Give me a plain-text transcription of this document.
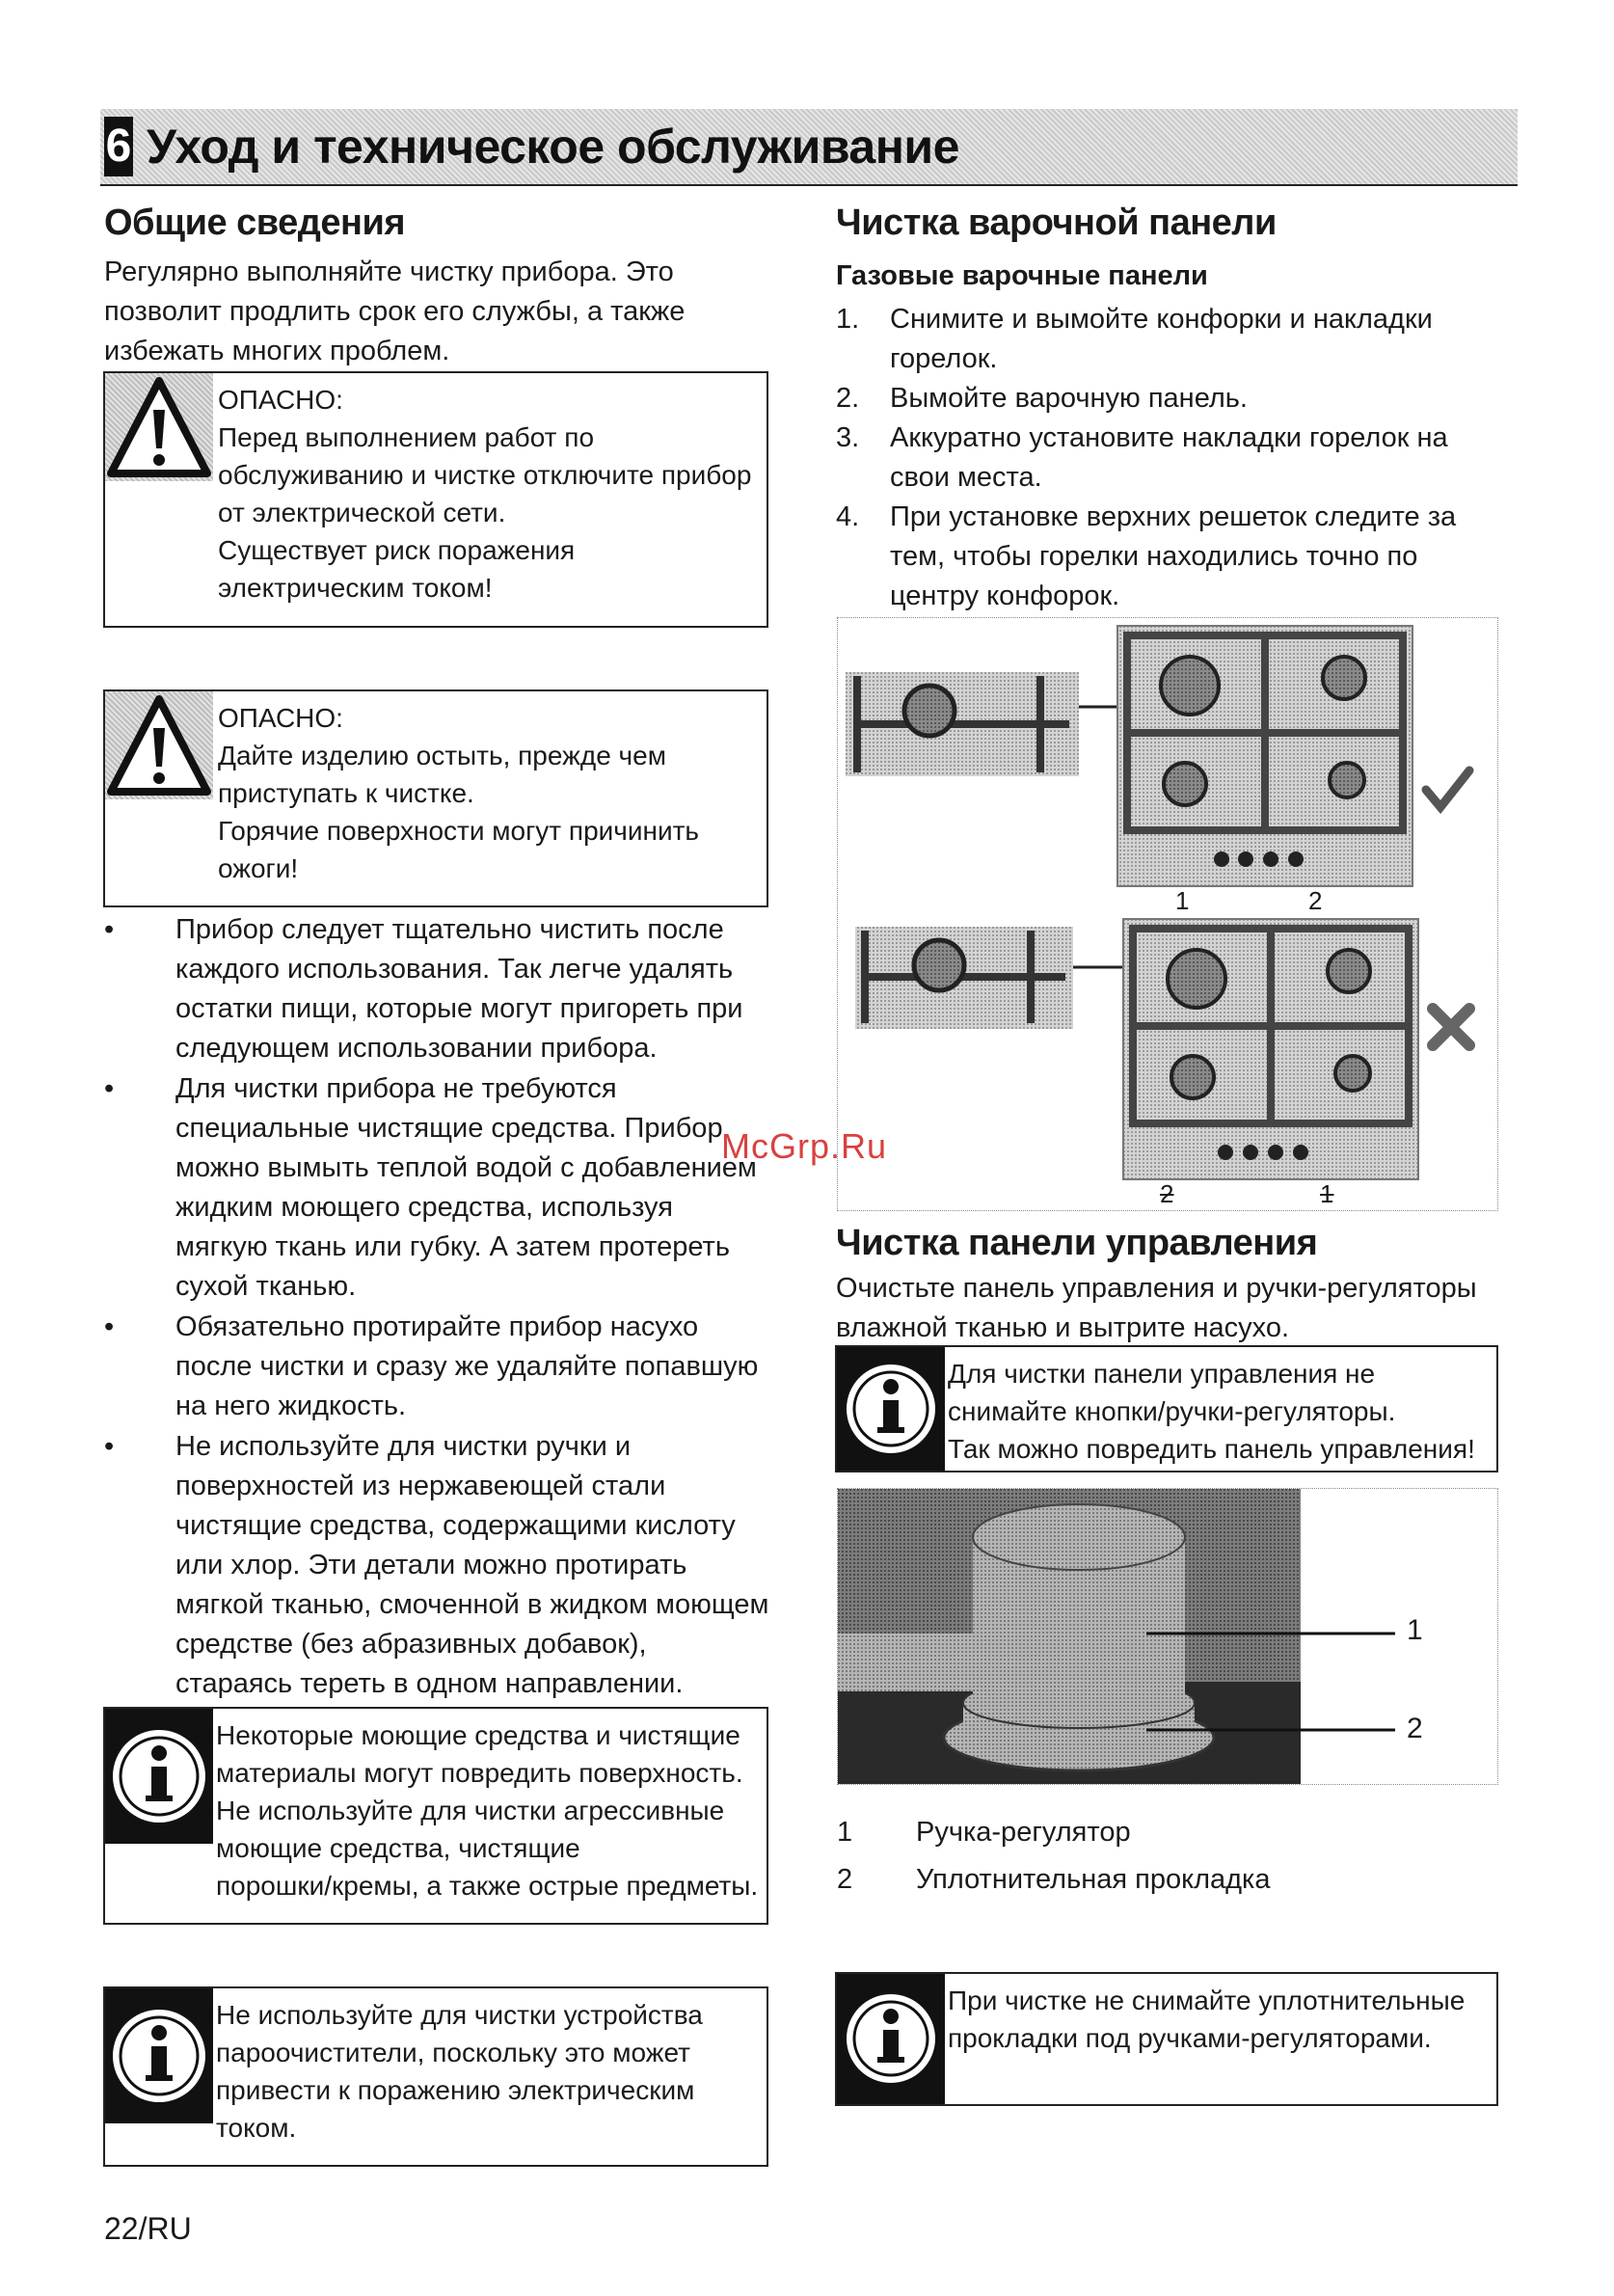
6 Уход и техническое обслуживание
Общие сведения
Регулярно выполняйте чистку прибора. Это
позволит продлить срок его службы, а также
избежать многих проблем.
ОПАСНО:
Перед выполнением работ по
обслуживанию и чистке отключите прибор
от электрической сети.
Существует риск поражения
электрическим током!
ОПАСНО:
Дайте изделию остыть, прежде чем
приступать к чистке.
Горячие поверхности могут причинить
ожоги!
• Прибор следует тщательно чистить после
каждого использования. Так легче удалять
остатки пищи, которые могут пригореть при
следующем использовании прибора.
• Для чистки прибора не требуются
специальные чистящие средства. Прибор
можно вымыть теплой водой с добавлением
жидким моющего средства, используя
мягкую ткань или губку. А затем протереть
сухой тканью.
• Обязательно протирайте прибор насухо
после чистки и сразу же удаляйте попавшую
на него жидкость.
• Не используйте для чистки ручки и
поверхностей из нержавеющей стали
чистящие средства, содержащими кислоту
или хлор. Эти детали можно протирать
мягкой тканью, смоченной в жидком моющем
средстве (без абразивных добавок),
стараясь тереть в одном направлении.
Некоторые моющие средства и чистящие
материалы могут повредить поверхность.
Не используйте для чистки агрессивные
моющие средства, чистящие
порошки/кремы, а также острые предметы.
Не используйте для чистки устройства
пароочистители, поскольку это может
привести к поражению электрическим
током.
Чистка варочной панели
Газовые варочные панели
1. Снимите и вымойте конфорки и накладки
горелок.
2. Вымойте варочную панель.
3. Аккуратно установите накладки горелок на
свои места.
4. При установке верхних решеток следите за
тем, чтобы горелки находились точно по
центру конфорок.
1	2
2	1
McGrp.Ru
Чистка панели управления
Очистьте панель управления и ручки-регуляторы
влажной тканью и вытрите насухо.
Для чистки панели управления не
снимайте кнопки/ручки-регуляторы.
Так можно повредить панель управления!
1
2
1 Ручка-регулятор
2 Уплотнительная прокладка
При чистке не снимайте уплотнительные
прокладки под ручками-регуляторами.
22/RU
